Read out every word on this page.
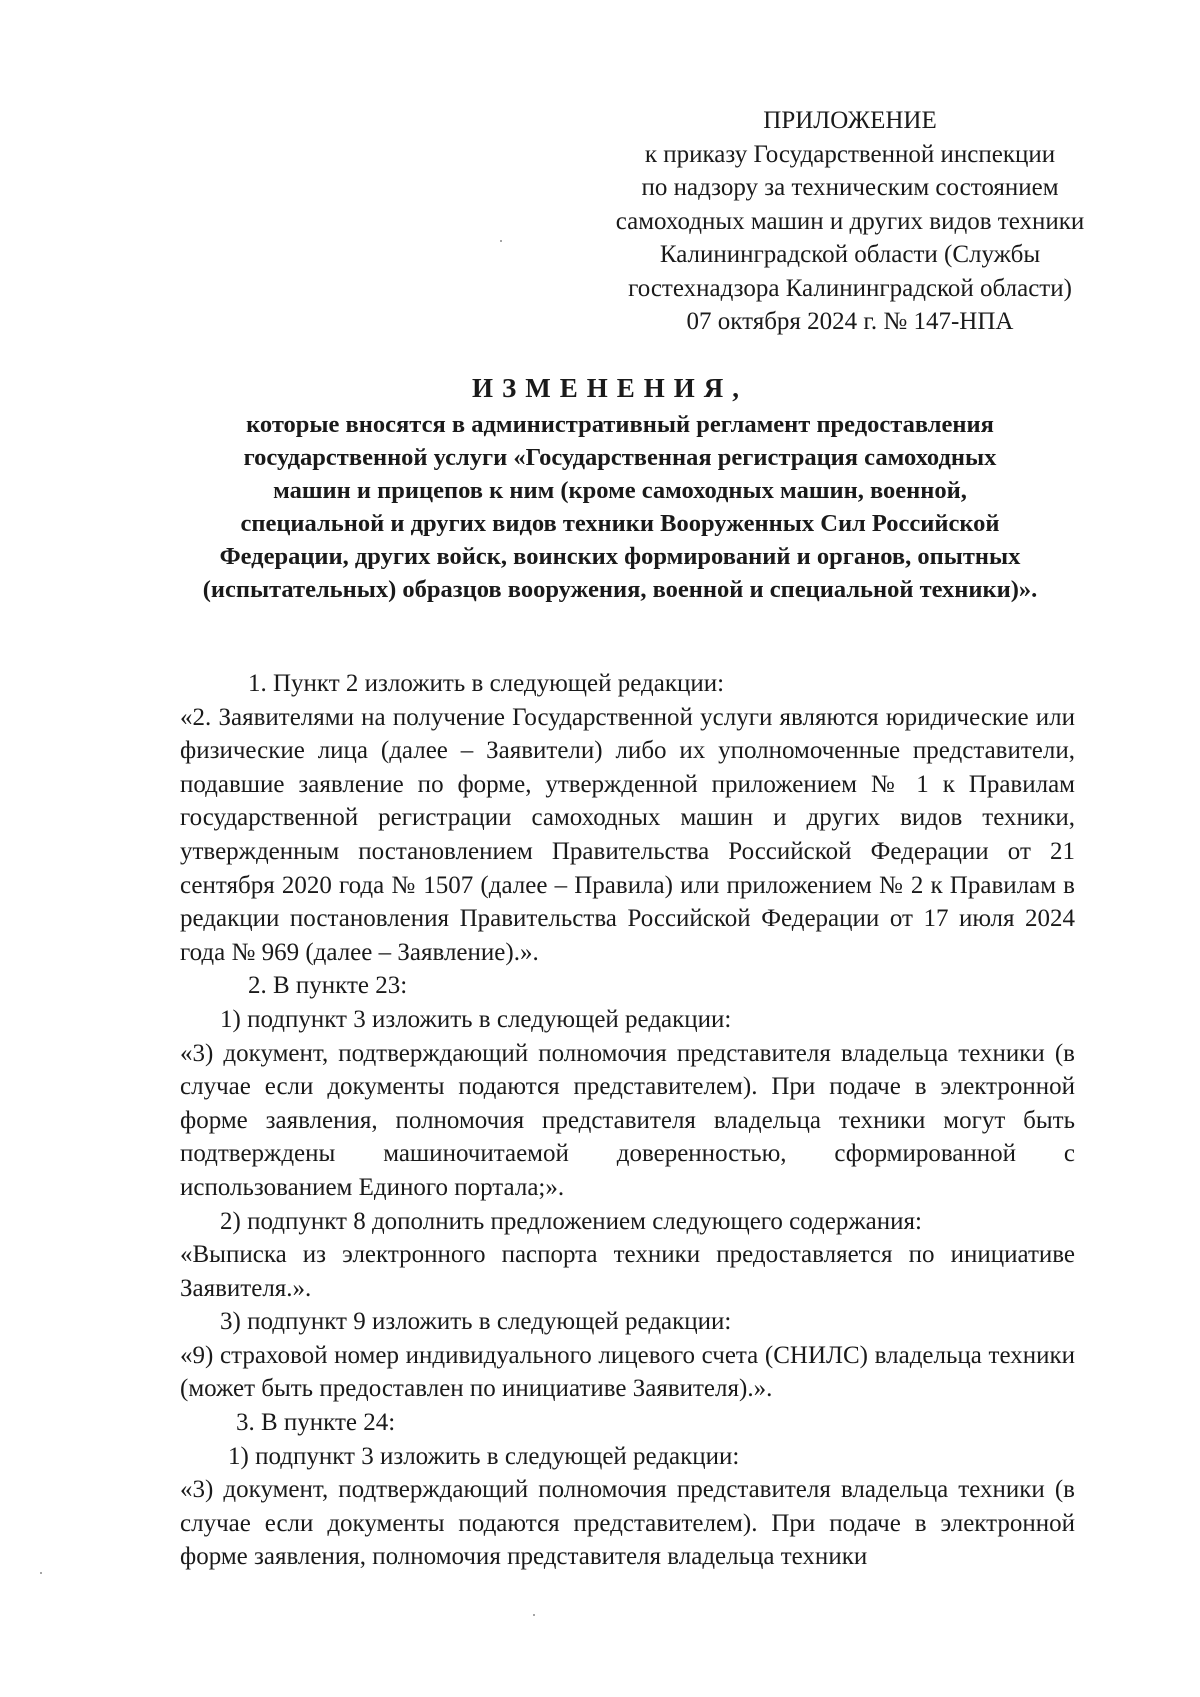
ПРИЛОЖЕНИЕ
к приказу Государственной инспекции
по надзору за техническим состоянием
самоходных машин и других видов техники
Калининградской области (Службы
гостехнадзора Калининградской области)
07 октября 2024 г. № 147-НПА
ИЗМЕНЕНИЯ,
которые вносятся в административный регламент предоставления
государственной услуги «Государственная регистрация самоходных
машин и прицепов к ним (кроме самоходных машин, военной,
специальной и других видов техники Вооруженных Сил Российской
Федерации, других войск, воинских формирований и органов, опытных
(испытательных) образцов вооружения, военной и специальной техники)».

1. Пункт 2 изложить в следующей редакции:

«2. Заявителями на получение Государственной услуги являются юридические или физические лица (далее – Заявители) либо их уполномоченные представители, подавшие заявление по форме, утвержденной приложением № 1 к Правилам государственной регистрации самоходных машин и других видов техники, утвержденным постановлением Правительства Российской Федерации от 21 сентября 2020 года № 1507 (далее – Правила) или приложением № 2 к Правилам в редакции постановления Правительства Российской Федерации от 17 июля 2024 года № 969 (далее – Заявление).».

2. В пункте 23:

1) подпункт 3 изложить в следующей редакции:

«3) документ, подтверждающий полномочия представителя владельца техники (в случае если документы подаются представителем). При подаче в электронной форме заявления, полномочия представителя владельца техники могут быть подтверждены машиночитаемой доверенностью, сформированной с использованием Единого портала;».

2) подпункт 8 дополнить предложением следующего содержания:

«Выписка из электронного паспорта техники предоставляется по инициативе Заявителя.».

3) подпункт 9 изложить в следующей редакции:

«9) страховой номер индивидуального лицевого счета (СНИЛС) владельца техники (может быть предоставлен по инициативе Заявителя).».

3. В пункте 24:

1) подпункт 3 изложить в следующей редакции:

«3) документ, подтверждающий полномочия представителя владельца техники (в случае если документы подаются представителем). При подаче в электронной форме заявления, полномочия представителя владельца техники
